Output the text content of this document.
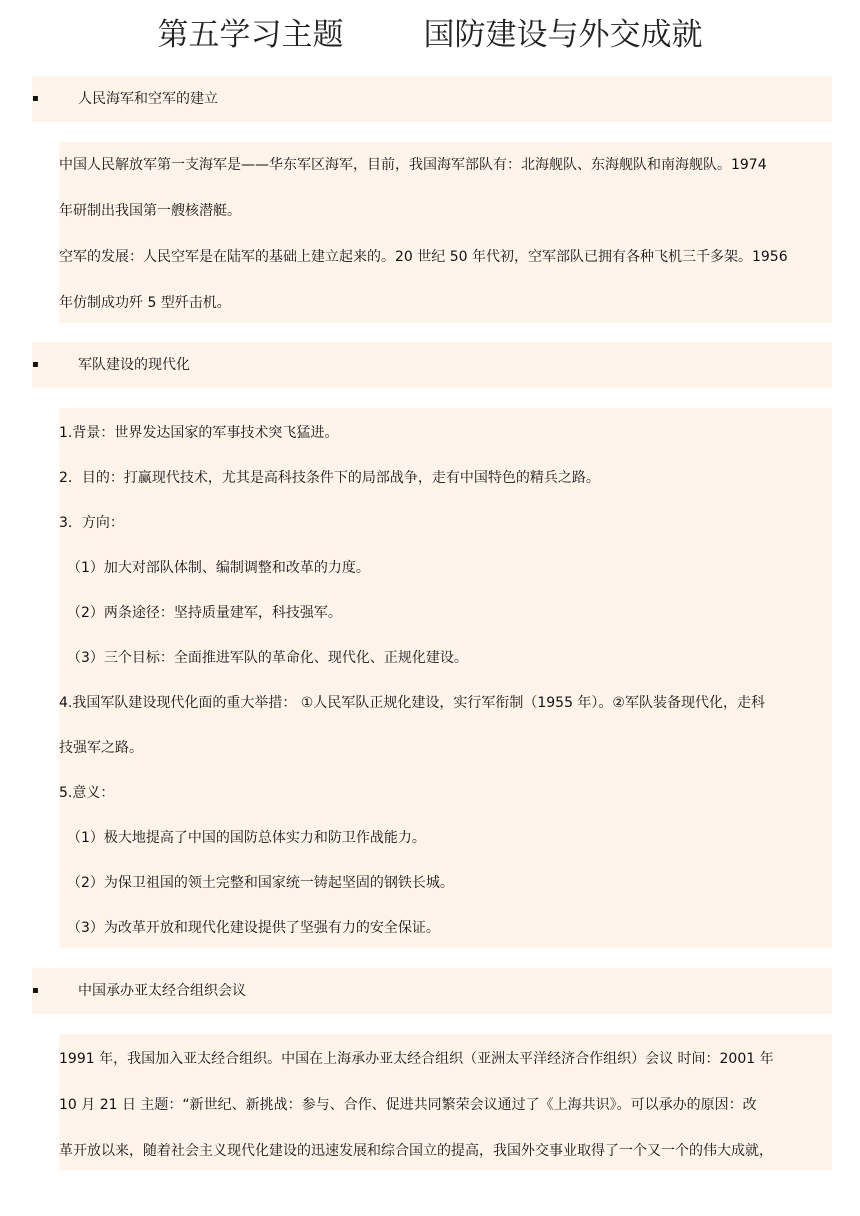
第五学习主题	国防建设与外交成就
▪	人民海军和空军的建立
中国人民解放军第一支海军是——华东军区海军，目前，我国海军部队有：北海舰队、东海舰队和南海舰队。1974
年研制出我国第一艘核潜艇。
空军的发展：人民空军是在陆军的基础上建立起来的。20 世纪 50 年代初，空军部队已拥有各种飞机三千多架。1956
年仿制成功歼 5 型歼击机。
▪	军队建设的现代化
1.背景：世界发达国家的军事技术突飞猛进。
2．目的：打赢现代技术，尤其是高科技条件下的局部战争，走有中国特色的精兵之路。
3．方向：
（1）加大对部队体制、编制调整和改革的力度。
（2）两条途径：坚持质量建军，科技强军。
（3）三个目标：全面推进军队的革命化、现代化、正规化建设。
4.我国军队建设现代化面的重大举措： ①人民军队正规化建设，实行军衔制（1955 年）。②军队装备现代化，走科
技强军之路。
5.意义：
（1）极大地提高了中国的国防总体实力和防卫作战能力。
（2）为保卫祖国的领土完整和国家统一铸起坚固的钢铁长城。
（3）为改革开放和现代化建设提供了坚强有力的安全保证。
▪	中国承办亚太经合组织会议
1991 年，我国加入亚太经合组织。中国在上海承办亚太经合组织（亚洲太平洋经济合作组织）会议 时间：2001 年
10 月 21 日 主题：“新世纪、新挑战：参与、合作、促进共同繁荣会议通过了《上海共识》。可以承办的原因：改
革开放以来，随着社会主义现代化建设的迅速发展和综合国立的提高，我国外交事业取得了一个又一个的伟大成就，
